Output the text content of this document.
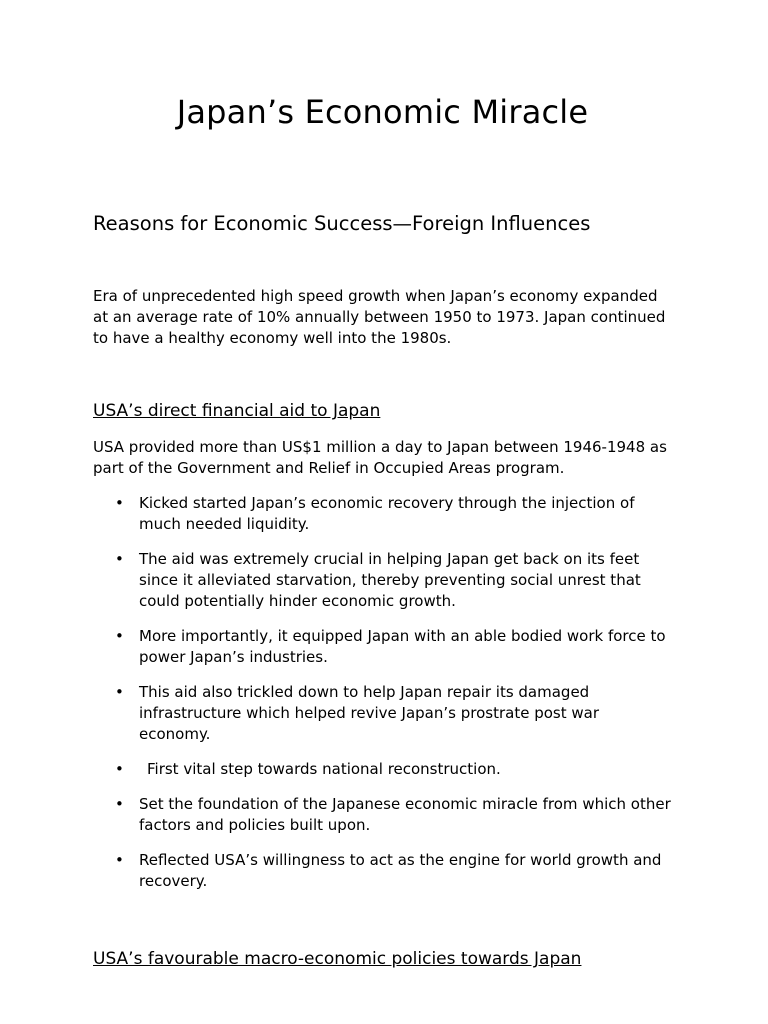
Japan’s Economic Miracle
Reasons for Economic Success—Foreign Influences

Era of unprecedented high speed growth when Japan’s economy expanded at an average rate of 10% annually between 1950 to 1973. Japan continued to have a healthy economy well into the 1980s.

USA’s direct financial aid to Japan

USA provided more than US$1 million a day to Japan between 1946-1948 as part of the Government and Relief in Occupied Areas program.

• Kicked started Japan’s economic recovery through the injection of much needed liquidity.
• The aid was extremely crucial in helping Japan get back on its feet since it alleviated starvation, thereby preventing social unrest that could potentially hinder economic growth.
• More importantly, it equipped Japan with an able bodied work force to power Japan’s industries.
• This aid also trickled down to help Japan repair its damaged infrastructure which helped revive Japan’s prostrate post war economy.
• First vital step towards national reconstruction.
• Set the foundation of the Japanese economic miracle from which other factors and policies built upon.
• Reflected USA’s willingness to act as the engine for world growth and recovery.
USA’s favourable macro-economic policies towards Japan
